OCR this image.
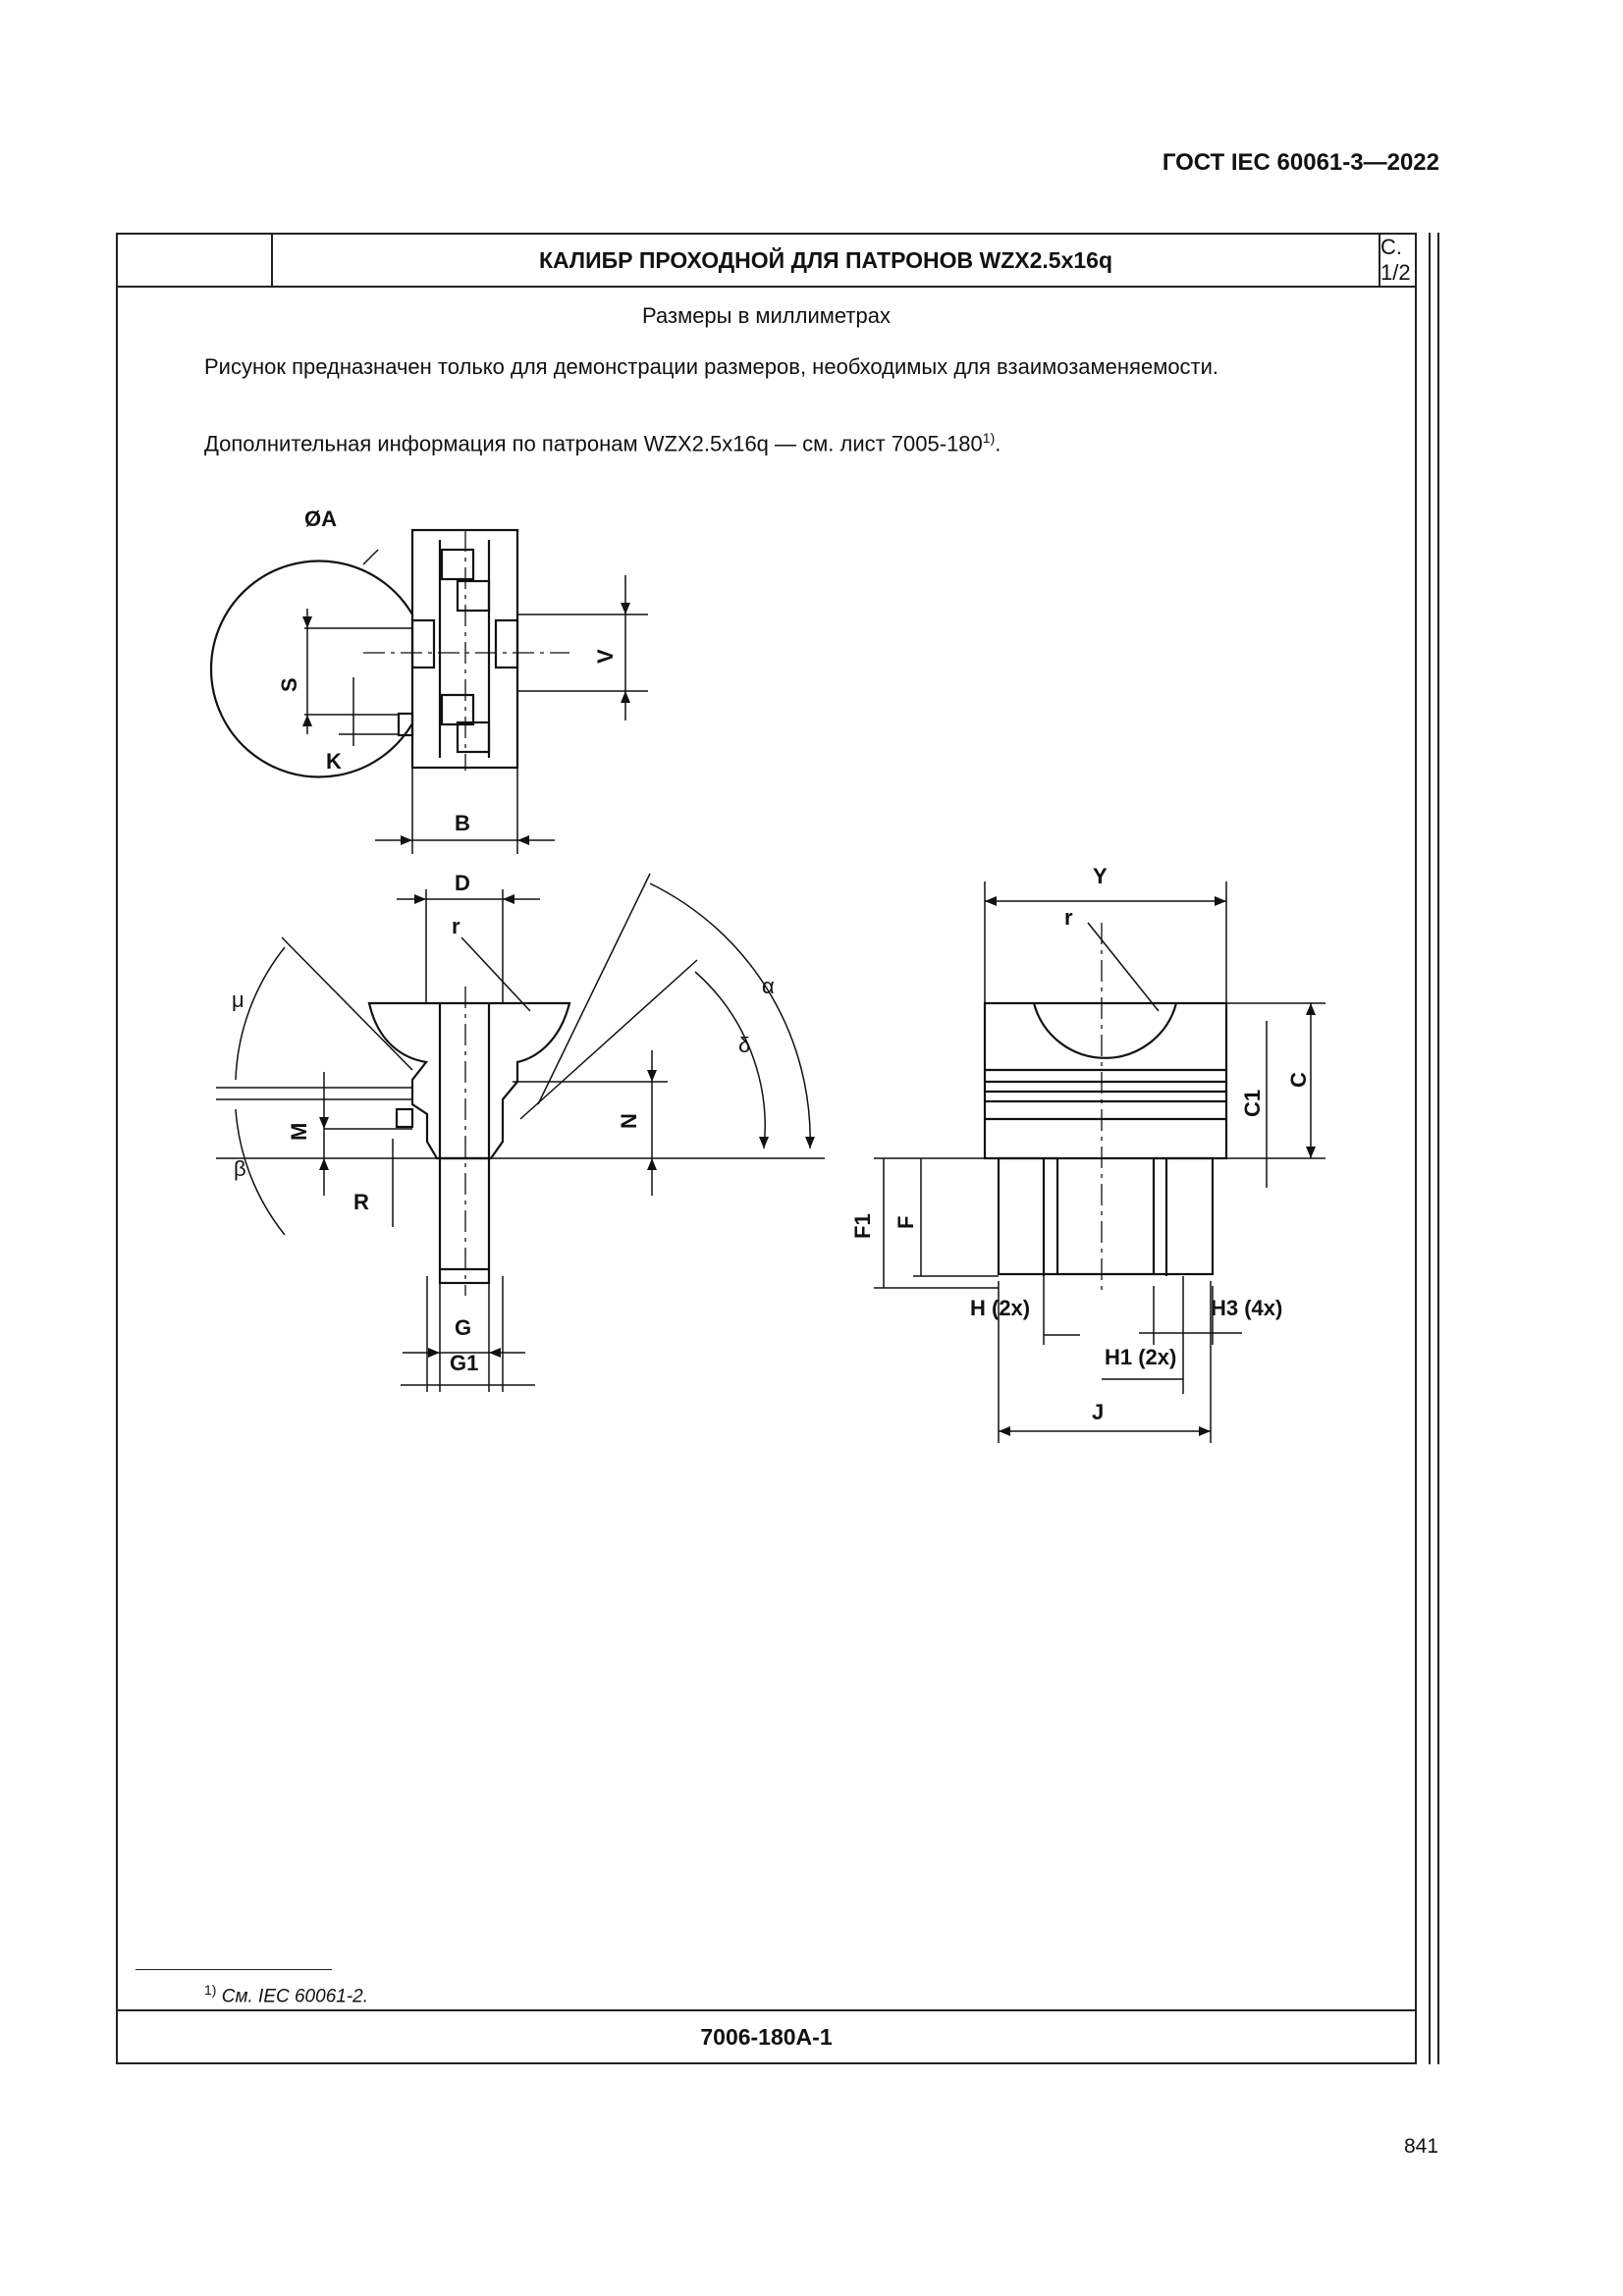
ГОСТ IEC 60061-3—2022
КАЛИБР ПРОХОДНОЙ ДЛЯ ПАТРОНОВ WZX2.5x16q	С. 1/2
Размеры в миллиметрах
Рисунок предназначен только для демонстрации размеров, необходимых для взаимозаменяемости.
Дополнительная информация по патронам WZX2.5x16q — см. лист 7005-180$^{1)}$.
$^{1)}$ См. IEC 60061-2.
7006-180A-1
ØA
S
K
B
V
D
r
μ
M
β
R
N
α
δ
G
G1
Y
r
C1
C
F1 F
H (2x)	H3 (4x)
H1 (2x)
J
841
